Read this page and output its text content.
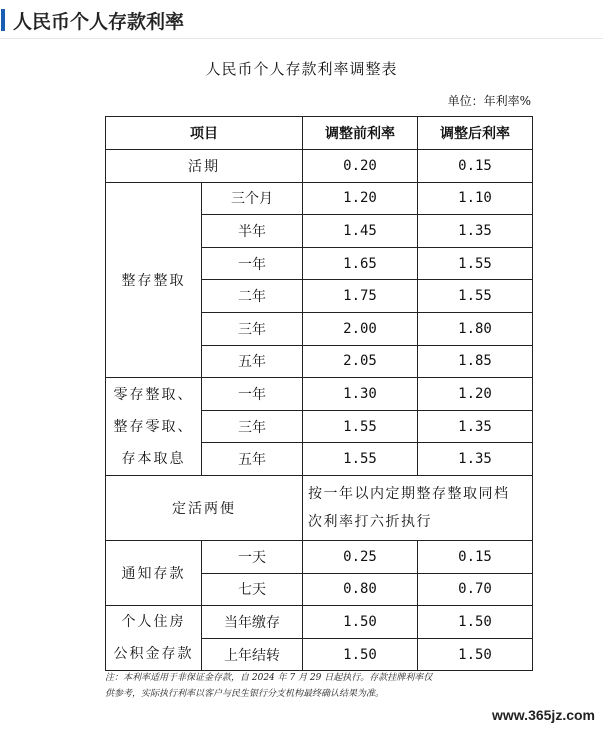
人民币个人存款利率
人民币个人存款利率调整表
单位：年利率%
项目		调整前利率	调整后利率
活期		0.20	0.15
整存整取	三个月	1.20	1.10
	半年	1.45	1.35
	一年	1.65	1.55
	二年	1.75	1.55
	三年	2.00	1.80
	五年	2.05	1.85

零存整取、
整存零取、
存本取息	一年	1.30	1.20
	三年	1.55	1.35
	五年	1.55	1.35
定活两便		按一年以内定期整存整取同档
次利率打六折执行	

通知存款	一天	0.25	0.15
	七天	0.80	0.70

个人住房
公积金存款	当年缴存	1.50	1.50
	上年结转	1.50	1.50
注：本利率适用于非保证金存款，自 2024 年 7 月 29 日起执行。存款挂牌利率仅
供参考，实际执行利率以客户与民生银行分支机构最终确认结果为准。
www.365jz.com
